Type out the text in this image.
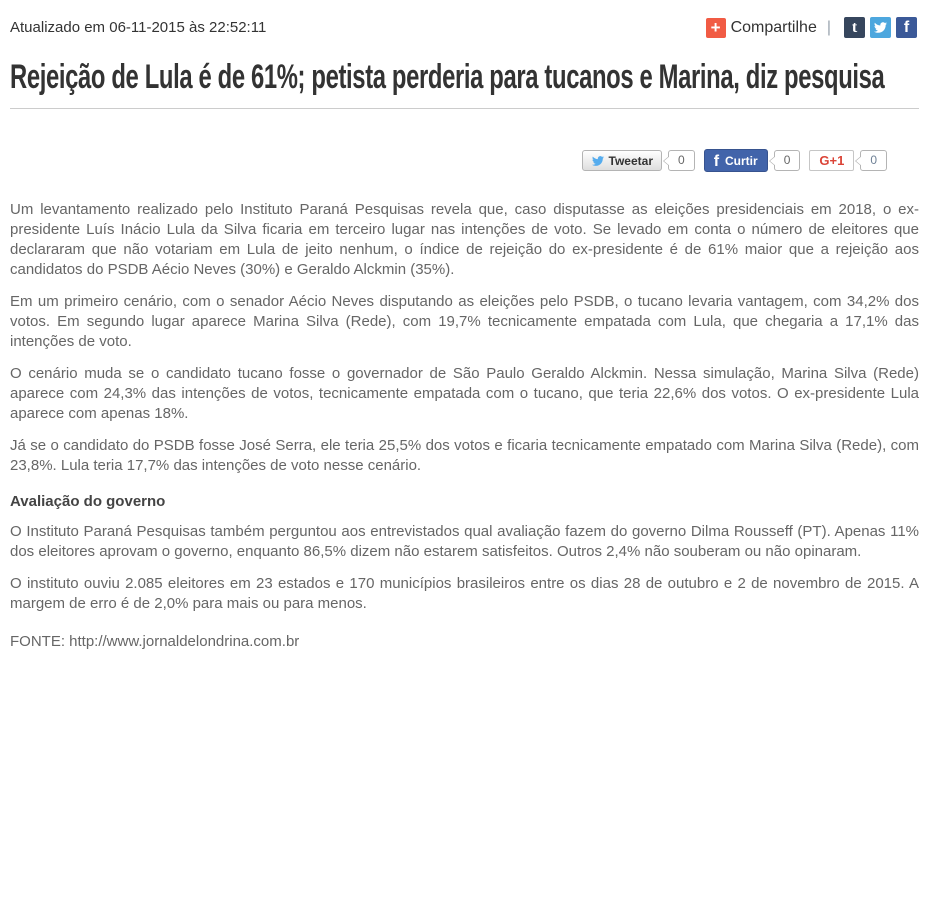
Atualizado em 06-11-2015 às 22:52:11	+ Compartilhe | t	f
Rejeição de Lula é de 61%; petista perderia para tucanos e Marina, diz pesquisa
Tweetar	0	f Curtir	0	G+1	0

Um levantamento realizado pelo Instituto Paraná Pesquisas revela que, caso disputasse as eleições presidenciais em 2018, o ex-presidente Luís Inácio Lula da Silva ficaria em terceiro lugar nas intenções de voto. Se levado em conta o número de eleitores que declararam que não votariam em Lula de jeito nenhum, o índice de rejeição do ex-presidente é de 61% maior que a rejeição aos candidatos do PSDB Aécio Neves (30%) e Geraldo Alckmin (35%).

Em um primeiro cenário, com o senador Aécio Neves disputando as eleições pelo PSDB, o tucano levaria vantagem, com 34,2% dos votos. Em segundo lugar aparece Marina Silva (Rede), com 19,7% tecnicamente empatada com Lula, que chegaria a 17,1% das intenções de voto.

O cenário muda se o candidato tucano fosse o governador de São Paulo Geraldo Alckmin. Nessa simulação, Marina Silva (Rede) aparece com 24,3% das intenções de votos, tecnicamente empatada com o tucano, que teria 22,6% dos votos. O ex-presidente Lula aparece com apenas 18%.

Já se o candidato do PSDB fosse José Serra, ele teria 25,5% dos votos e ficaria tecnicamente empatado com Marina Silva (Rede), com 23,8%. Lula teria 17,7% das intenções de voto nesse cenário.

Avaliação do governo

O Instituto Paraná Pesquisas também perguntou aos entrevistados qual avaliação fazem do governo Dilma Rousseff (PT). Apenas 11% dos eleitores aprovam o governo, enquanto 86,5% dizem não estarem satisfeitos. Outros 2,4% não souberam ou não opinaram.

O instituto ouviu 2.085 eleitores em 23 estados e 170 municípios brasileiros entre os dias 28 de outubro e 2 de novembro de 2015. A margem de erro é de 2,0% para mais ou para menos.

FONTE: http://www.jornaldelondrina.com.br
